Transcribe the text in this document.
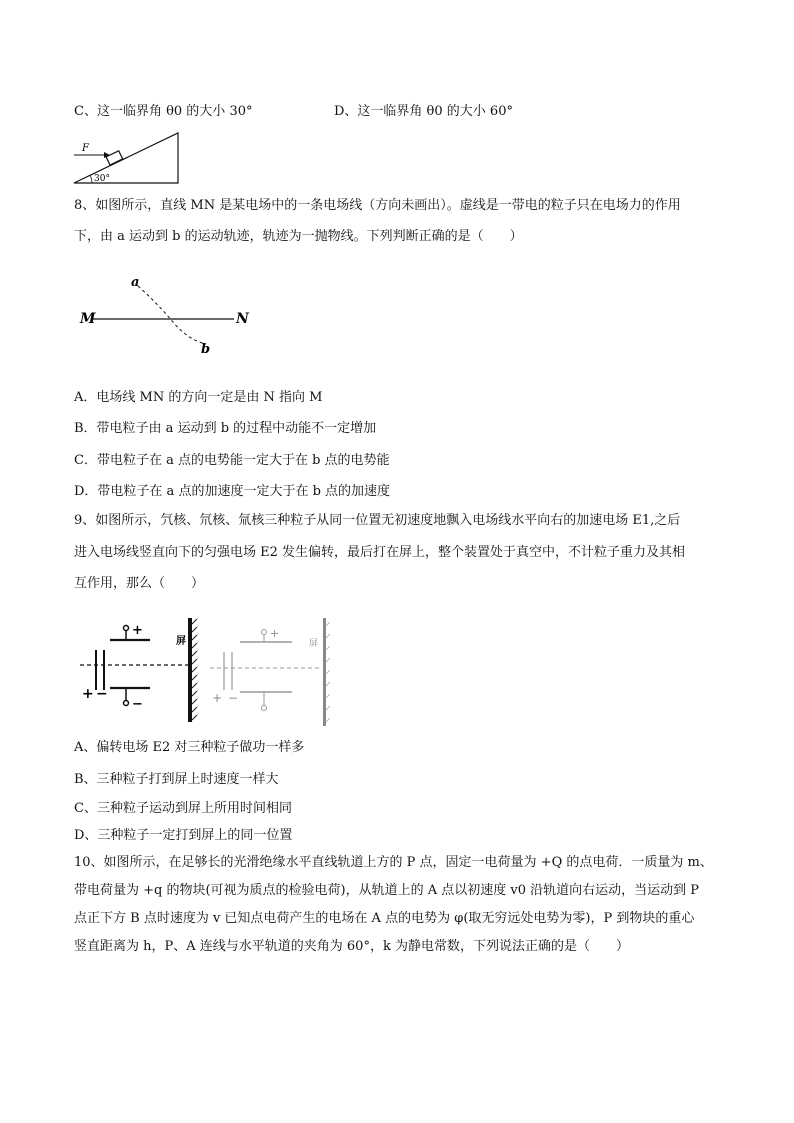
C、这一临界角 θ0 的大小 30°	D、这一临界角 θ0 的大小 60°
F
30°
8、如图所示，直线 MN 是某电场中的一条电场线（方向未画出）。虚线是一带电的粒子只在电场力的作用
下，由 a 运动到 b 的运动轨迹，轨迹为一抛物线。下列判断正确的是（　　）
a
M	N
b
A．电场线 MN 的方向一定是由 N 指向 M
B．带电粒子由 a 运动到 b 的过程中动能不一定增加
C．带电粒子在 a 点的电势能一定大于在 b 点的电势能
D．带电粒子在 a 点的加速度一定大于在 b 点的加速度
9、如图所示，氕核、氘核、氚核三种粒子从同一位置无初速度地飘入电场线水平向右的加速电场 E1,之后
进入电场线竖直向下的匀强电场 E2 发生偏转，最后打在屏上，整个装置处于真空中，不计粒子重力及其相
互作用，那么（　　）
+ −
+
−
屏
+ −
+
屏
A、偏转电场 E2 对三种粒子做功一样多
B、三种粒子打到屏上时速度一样大
C、三种粒子运动到屏上所用时间相同
D、三种粒子一定打到屏上的同一位置
10、如图所示，在足够长的光滑绝缘水平直线轨道上方的 P 点，固定一电荷量为 +Q 的点电荷．一质量为 m、
带电荷量为 +q 的物块(可视为质点的检验电荷)，从轨道上的 A 点以初速度 v0 沿轨道向右运动，当运动到 P
点正下方 B 点时速度为 v 已知点电荷产生的电场在 A 点的电势为 φ(取无穷远处电势为零)，P 到物块的重心
竖直距离为 h，P、A 连线与水平轨道的夹角为 60°，k 为静电常数，下列说法正确的是（　　）
